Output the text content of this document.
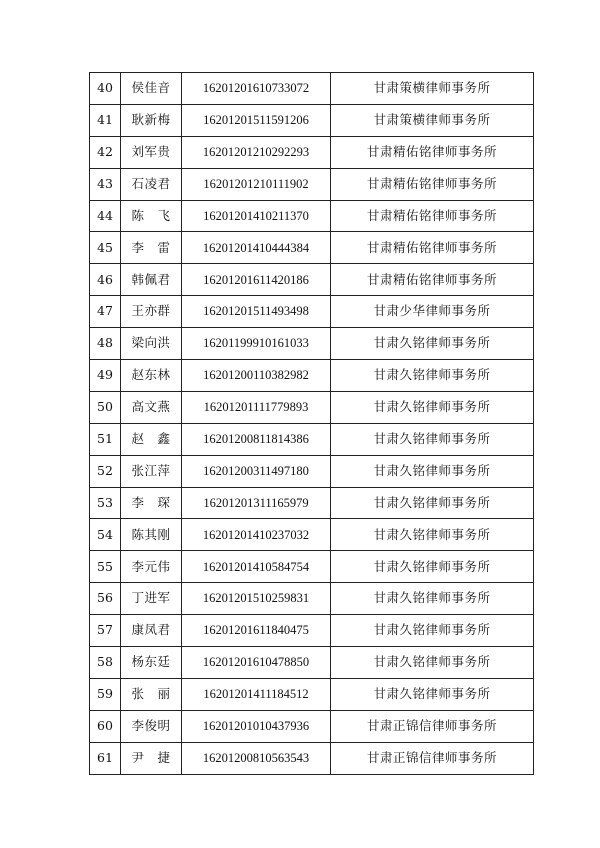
40	侯佳音	16201201610733072	甘肃策横律师事务所
41	耿新梅	16201201511591206	甘肃策横律师事务所
42	刘军贵	16201201210292293	甘肃精佑铭律师事务所
43	石凌君	16201201210111902	甘肃精佑铭律师事务所
44	陈　飞	16201201410211370	甘肃精佑铭律师事务所
45	李　雷	16201201410444384	甘肃精佑铭律师事务所
46	韩佩君	16201201611420186	甘肃精佑铭律师事务所
47	王亦群	16201201511493498	甘肃少华律师事务所
48	梁向洪	16201199910161033	甘肃久铭律师事务所
49	赵东林	16201200110382982	甘肃久铭律师事务所
50	高文燕	16201201111779893	甘肃久铭律师事务所
51	赵　鑫	16201200811814386	甘肃久铭律师事务所
52	张江萍	16201200311497180	甘肃久铭律师事务所
53	李　琛	16201201311165979	甘肃久铭律师事务所
54	陈其刚	16201201410237032	甘肃久铭律师事务所
55	李元伟	16201201410584754	甘肃久铭律师事务所
56	丁进军	16201201510259831	甘肃久铭律师事务所
57	康凤君	16201201611840475	甘肃久铭律师事务所
58	杨东廷	16201201610478850	甘肃久铭律师事务所
59	张　丽	16201201411184512	甘肃久铭律师事务所
60	李俊明	16201201010437936	甘肃正锦信律师事务所
61	尹　捷	16201200810563543	甘肃正锦信律师事务所
